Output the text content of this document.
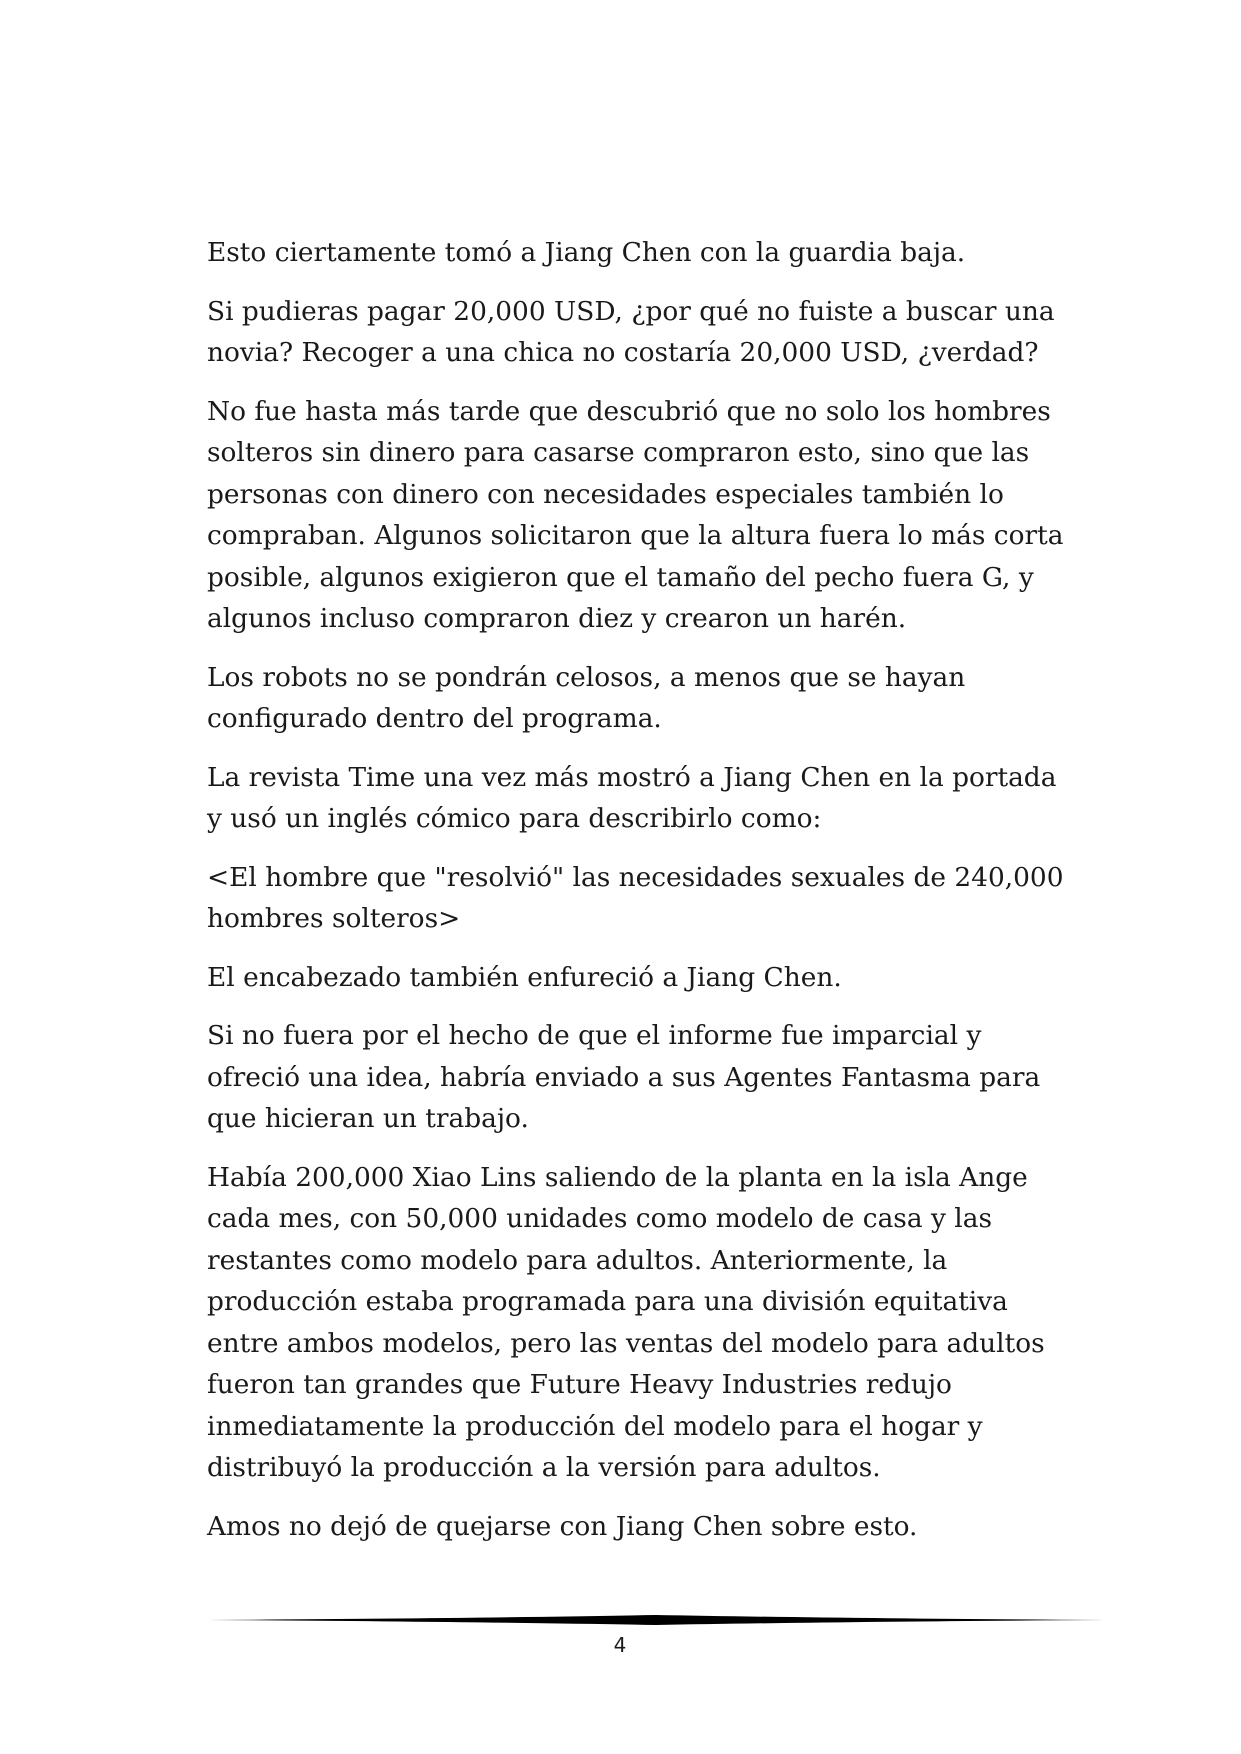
Esto ciertamente tomó a Jiang Chen con la guardia baja.

Si pudieras pagar 20,000 USD, ¿por qué no fuiste a buscar una novia? Recoger a una chica no costaría 20,000 USD, ¿verdad?

No fue hasta más tarde que descubrió que no solo los hombres solteros sin dinero para casarse compraron esto, sino que las personas con dinero con necesidades especiales también lo compraban. Algunos solicitaron que la altura fuera lo más corta posible, algunos exigieron que el tamaño del pecho fuera G, y algunos incluso compraron diez y crearon un harén.

Los robots no se pondrán celosos, a menos que se hayan configurado dentro del programa.

La revista Time una vez más mostró a Jiang Chen en la portada y usó un inglés cómico para describirlo como:

<El hombre que "resolvió" las necesidades sexuales de 240,000 hombres solteros>

El encabezado también enfureció a Jiang Chen.

Si no fuera por el hecho de que el informe fue imparcial y ofreció una idea, habría enviado a sus Agentes Fantasma para que hicieran un trabajo.

Había 200,000 Xiao Lins saliendo de la planta en la isla Ange cada mes, con 50,000 unidades como modelo de casa y las restantes como modelo para adultos. Anteriormente, la producción estaba programada para una división equitativa entre ambos modelos, pero las ventas del modelo para adultos fueron tan grandes que Future Heavy Industries redujo inmediatamente la producción del modelo para el hogar y distribuyó la producción a la versión para adultos.

Amos no dejó de quejarse con Jiang Chen sobre esto.

4
